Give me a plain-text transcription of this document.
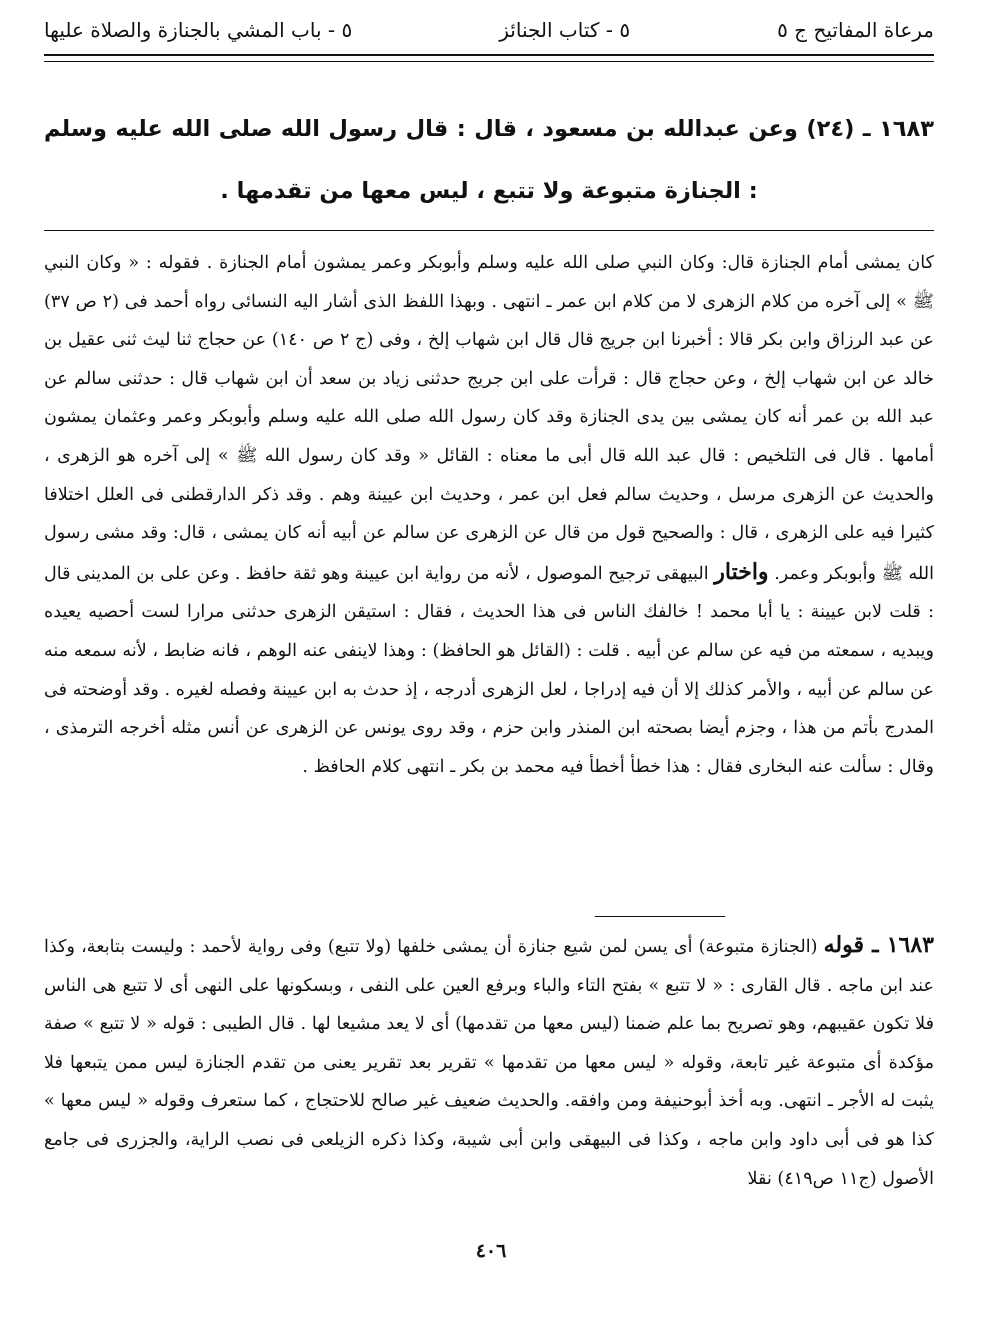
مرعاة المفاتيح ج ٥
٥ - كتاب الجنائز
٥ - باب المشي بالجنازة والصلاة عليها
١٦٨٣ ـ (٢٤) وعن عبدالله بن مسعود ، قال : قال رسول الله صلى الله عليه وسلم : الجنازة متبوعة ولا تتبع ، ليس معها من تقدمها .

كان يمشى أمام الجنازة قال: وكان النبي صلى الله عليه وسلم وأبوبكر وعمر يمشون أمام الجنازة . فقوله : « وكان النبي ﷺ » إلى آخره من كلام الزهرى لا من كلام ابن عمر ـ انتهى . وبهذا اللفظ الذى أشار اليه النسائى رواه أحمد فى (٢ ص ٣٧) عن عبد الرزاق وابن بكر قالا : أخبرنا ابن جريج قال قال ابن شهاب إلخ ، وفى (ج ٢ ص ١٤٠) عن حجاج ثنا ليث ثنى عقيل بن خالد عن ابن شهاب إلخ ، وعن حجاج قال : قرأت على ابن جريج حدثنى زياد بن سعد أن ابن شهاب قال : حدثنى سالم عن عبد الله بن عمر أنه كان يمشى بين يدى الجنازة وقد كان رسول الله صلى الله عليه وسلم وأبوبكر وعمر وعثمان يمشون أمامها . قال فى التلخيص : قال عبد الله قال أبى ما معناه : القائل « وقد كان رسول الله ﷺ » إلى آخره هو الزهرى ، والحديث عن الزهرى مرسل ، وحديث سالم فعل ابن عمر ، وحديث ابن عيينة وهم . وقد ذكر الدارقطنى فى العلل اختلافا كثيرا فيه على الزهرى ، قال : والصحيح قول من قال عن الزهرى عن سالم عن أبيه أنه كان يمشى ، قال: وقد مشى رسول الله ﷺ وأبوبكر وعمر. واختار البيهقى ترجيح الموصول ، لأنه من رواية ابن عيينة وهو ثقة حافظ . وعن على بن المدينى قال : قلت لابن عيينة : يا أبا محمد ! خالفك الناس فى هذا الحديث ، فقال : استيقن الزهرى حدثنى مرارا لست أحصيه يعيده ويبديه ، سمعته من فيه عن سالم عن أبيه . قلت : (القائل هو الحافظ) : وهذا لاينفى عنه الوهم ، فانه ضابط ، لأنه سمعه منه عن سالم عن أبيه ، والأمر كذلك إلا أن فيه إدراجا ، لعل الزهرى أدرجه ، إذ حدث به ابن عيينة وفصله لغيره . وقد أوضحته فى المدرج بأتم من هذا ، وجزم أيضا بصحته ابن المنذر وابن حزم ، وقد روى يونس عن الزهرى عن أنس مثله أخرجه الترمذى ، وقال : سألت عنه البخارى فقال : هذا خطأ أخطأ فيه محمد بن بكر ـ انتهى كلام الحافظ .

١٦٨٣ ـ قوله (الجنازة متبوعة) أى يسن لمن شيع جنازة أن يمشى خلفها (ولا تتبع) وفى رواية لأحمد : وليست بتابعة، وكذا عند ابن ماجه . قال القارى : « لا تتبع » بفتح التاء والباء وبرفع العين على النفى ، وبسكونها على النهى أى لا تتبع هى الناس فلا تكون عقيبهم، وهو تصريح بما علم ضمنا (ليس معها من تقدمها) أى لا يعد مشيعا لها . قال الطيبى : قوله « لا تتبع » صفة مؤكدة أى متبوعة غير تابعة، وقوله « ليس معها من تقدمها » تقرير بعد تقرير يعنى من تقدم الجنازة ليس ممن يتبعها فلا يثبت له الأجر ـ انتهى. وبه أخذ أبوحنيفة ومن وافقه. والحديث ضعيف غير صالح للاحتجاج ، كما ستعرف وقوله « ليس معها » كذا هو فى أبى داود وابن ماجه ، وكذا فى البيهقى وابن أبى شيبة، وكذا ذكره الزيلعى فى نصب الراية، والجزرى فى جامع الأصول (ج١١ ص٤١٩) نقلا

٤٠٦
